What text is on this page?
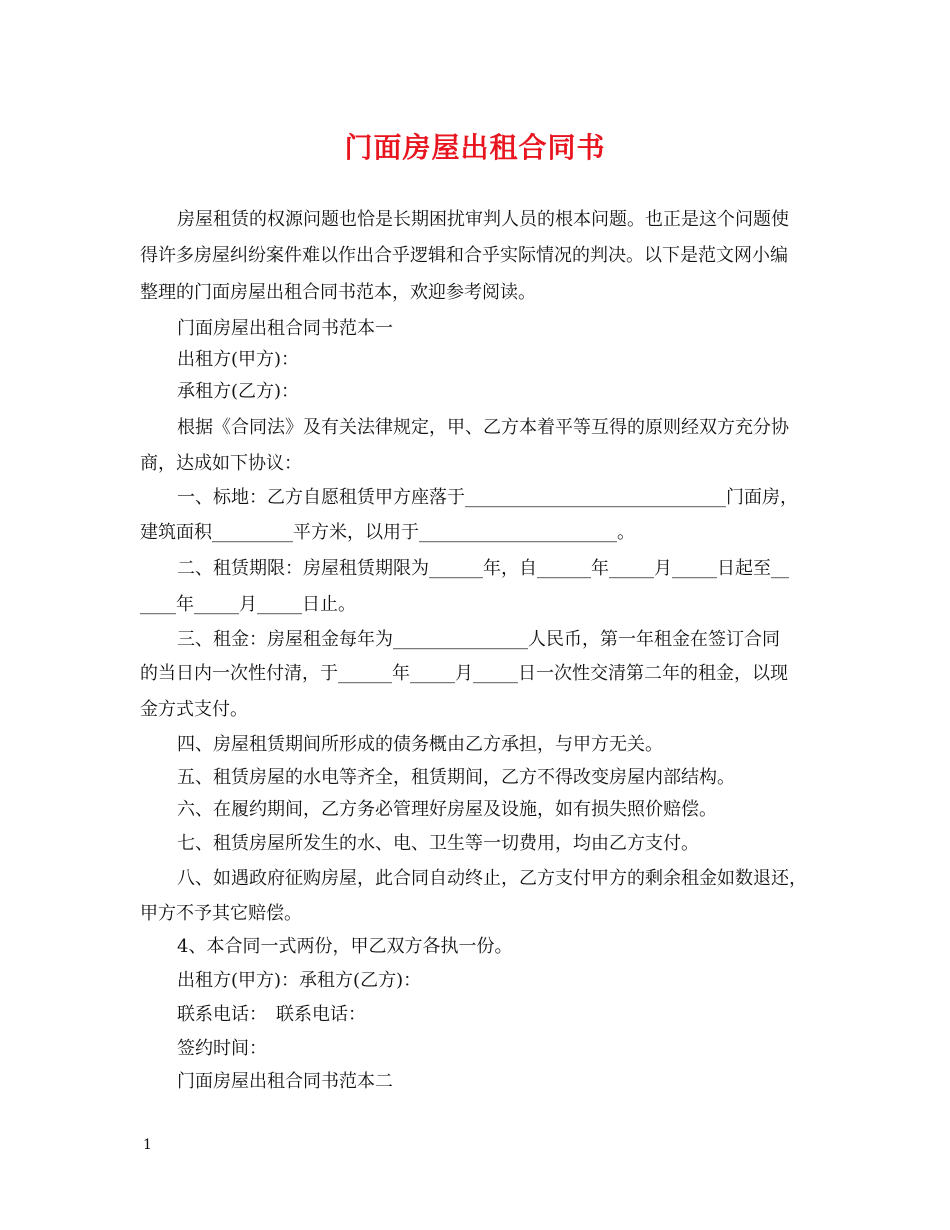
门面房屋出租合同书
房屋租赁的权源问题也恰是长期困扰审判人员的根本问题。也正是这个问题使
得许多房屋纠纷案件难以作出合乎逻辑和合乎实际情况的判决。以下是范文网小编
整理的门面房屋出租合同书范本，欢迎参考阅读。
门面房屋出租合同书范本一
出租方(甲方)：
承租方(乙方)：
根据《合同法》及有关法律规定，甲、乙方本着平等互得的原则经双方充分协
商，达成如下协议：
一、标地：乙方自愿租赁甲方座落于_____________________________门面房，
建筑面积_________平方米，以用于______________________。
二、租赁期限：房屋租赁期限为______年，自______年_____月_____日起至__
____年_____月_____日止。
三、租金：房屋租金每年为_______________人民币，第一年租金在签订合同
的当日内一次性付清，于______年_____月_____日一次性交清第二年的租金，以现
金方式支付。
四、房屋租赁期间所形成的债务概由乙方承担，与甲方无关。
五、租赁房屋的水电等齐全，租赁期间，乙方不得改变房屋内部结构。
六、在履约期间，乙方务必管理好房屋及设施，如有损失照价赔偿。
七、租赁房屋所发生的水、电、卫生等一切费用，均由乙方支付。
八、如遇政府征购房屋，此合同自动终止，乙方支付甲方的剩余租金如数退还，
甲方不予其它赔偿。
4、本合同一式两份，甲乙双方各执一份。
出租方(甲方)：承租方(乙方)：
联系电话：　联系电话：
签约时间：
门面房屋出租合同书范本二
1
